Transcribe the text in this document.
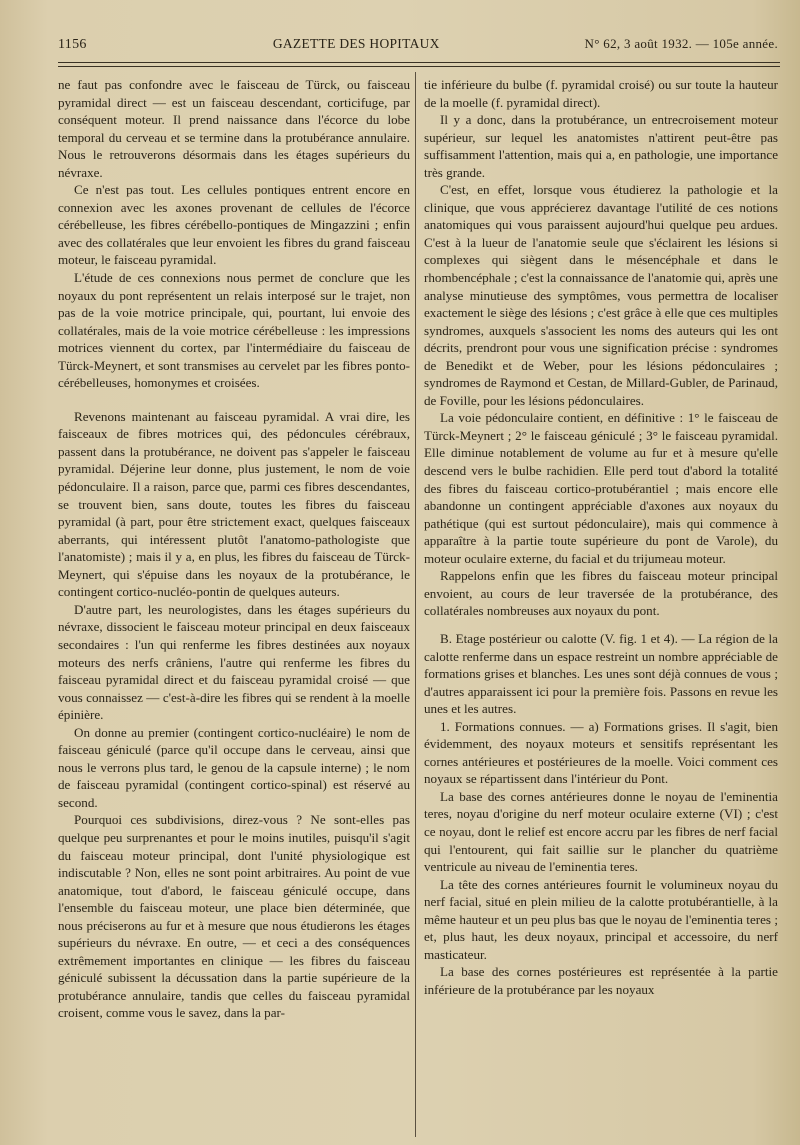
1156	GAZETTE DES HOPITAUX	N° 62, 3 août 1932. — 105e année.

ne faut pas confondre avec le faisceau de Türck, ou faisceau pyramidal direct — est un faisceau descendant, corticifuge, par conséquent moteur. Il prend naissance dans l'écorce du lobe temporal du cerveau et se termine dans la protubérance annulaire. Nous le retrouverons désormais dans les étages supérieurs du névraxe.

Ce n'est pas tout. Les cellules pontiques entrent encore en connexion avec les axones provenant de cellules de l'écorce cérébelleuse, les fibres cérébello-pontiques de Mingazzini ; enfin avec des collatérales que leur envoient les fibres du grand faisceau moteur, le faisceau pyramidal.

L'étude de ces connexions nous permet de conclure que les noyaux du pont représentent un relais interposé sur le trajet, non pas de la voie motrice principale, qui, pourtant, lui envoie des collatérales, mais de la voie motrice cérébelleuse : les impressions motrices viennent du cortex, par l'intermédiaire du faisceau de Türck-Meynert, et sont transmises au cervelet par les fibres ponto-cérébelleuses, homonymes et croisées.

Revenons maintenant au faisceau pyramidal. A vrai dire, les faisceaux de fibres motrices qui, des pédoncules cérébraux, passent dans la protubérance, ne doivent pas s'appeler le faisceau pyramidal. Déjerine leur donne, plus justement, le nom de voie pédonculaire. Il a raison, parce que, parmi ces fibres descendantes, se trouvent bien, sans doute, toutes les fibres du faisceau pyramidal (à part, pour être strictement exact, quelques faisceaux aberrants, qui intéressent plutôt l'anatomo-pathologiste que l'anatomiste) ; mais il y a, en plus, les fibres du faisceau de Türck-Meynert, qui s'épuise dans les noyaux de la protubérance, le contingent cortico-nucléo-pontin de quelques auteurs.

D'autre part, les neurologistes, dans les étages supérieurs du névraxe, dissocient le faisceau moteur principal en deux faisceaux secondaires : l'un qui renferme les fibres destinées aux noyaux moteurs des nerfs crâniens, l'autre qui renferme les fibres du faisceau pyramidal direct et du faisceau pyramidal croisé — que vous connaissez — c'est-à-dire les fibres qui se rendent à la moelle épinière.

On donne au premier (contingent cortico-nucléaire) le nom de faisceau géniculé (parce qu'il occupe dans le cerveau, ainsi que nous le verrons plus tard, le genou de la capsule interne) ; le nom de faisceau pyramidal (contingent cortico-spinal) est réservé au second.

Pourquoi ces subdivisions, direz-vous ? Ne sont-elles pas quelque peu surprenantes et pour le moins inutiles, puisqu'il s'agit du faisceau moteur principal, dont l'unité physiologique est indiscutable ? Non, elles ne sont point arbitraires. Au point de vue anatomique, tout d'abord, le faisceau géniculé occupe, dans l'ensemble du faisceau moteur, une place bien déterminée, que nous préciserons au fur et à mesure que nous étudierons les étages supérieurs du névraxe. En outre, — et ceci a des conséquences extrêmement importantes en clinique — les fibres du faisceau géniculé subissent la décussation dans la partie supérieure de la protubérance annulaire, tandis que celles du faisceau pyramidal croisent, comme vous le savez, dans la par-

tie inférieure du bulbe (f. pyramidal croisé) ou sur toute la hauteur de la moelle (f. pyramidal direct).

Il y a donc, dans la protubérance, un entrecroisement moteur supérieur, sur lequel les anatomistes n'attirent peut-être pas suffisamment l'attention, mais qui a, en pathologie, une importance très grande.

C'est, en effet, lorsque vous étudierez la pathologie et la clinique, que vous apprécierez davantage l'utilité de ces notions anatomiques qui vous paraissent aujourd'hui quelque peu ardues. C'est à la lueur de l'anatomie seule que s'éclairent les lésions si complexes qui siègent dans le mésencéphale et dans le rhombencéphale ; c'est la connaissance de l'anatomie qui, après une analyse minutieuse des symptômes, vous permettra de localiser exactement le siège des lésions ; c'est grâce à elle que ces multiples syndromes, auxquels s'associent les noms des auteurs qui les ont décrits, prendront pour vous une signification précise : syndromes de Benedikt et de Weber, pour les lésions pédonculaires ; syndromes de Raymond et Cestan, de Millard-Gubler, de Parinaud, de Foville, pour les lésions pédonculaires.

La voie pédonculaire contient, en définitive : 1° le faisceau de Türck-Meynert ; 2° le faisceau géniculé ; 3° le faisceau pyramidal. Elle diminue notablement de volume au fur et à mesure qu'elle descend vers le bulbe rachidien. Elle perd tout d'abord la totalité des fibres du faisceau cortico-protubérantiel ; mais encore elle abandonne un contingent appréciable d'axones aux noyaux du pathétique (qui est surtout pédonculaire), mais qui commence à apparaître à la partie toute supérieure du pont de Varole), du moteur oculaire externe, du facial et du trijumeau moteur.

Rappelons enfin que les fibres du faisceau moteur principal envoient, au cours de leur traversée de la protubérance, des collatérales nombreuses aux noyaux du pont.

B. Etage postérieur ou calotte (V. fig. 1 et 4). — La région de la calotte renferme dans un espace restreint un nombre appréciable de formations grises et blanches. Les unes sont déjà connues de vous ; d'autres apparaissent ici pour la première fois. Passons en revue les unes et les autres.

1. Formations connues. — a) Formations grises. Il s'agit, bien évidemment, des noyaux moteurs et sensitifs représentant les cornes antérieures et postérieures de la moelle. Voici comment ces noyaux se répartissent dans l'intérieur du Pont.

La base des cornes antérieures donne le noyau de l'eminentia teres, noyau d'origine du nerf moteur oculaire externe (VI) ; c'est ce noyau, dont le relief est encore accru par les fibres de nerf facial qui l'entourent, qui fait saillie sur le plancher du quatrième ventricule au niveau de l'eminentia teres.

La tête des cornes antérieures fournit le volumineux noyau du nerf facial, situé en plein milieu de la calotte protubérantielle, à la même hauteur et un peu plus bas que le noyau de l'eminentia teres ; et, plus haut, les deux noyaux, principal et accessoire, du nerf masticateur.

La base des cornes postérieures est représentée à la partie inférieure de la protubérance par les noyaux
